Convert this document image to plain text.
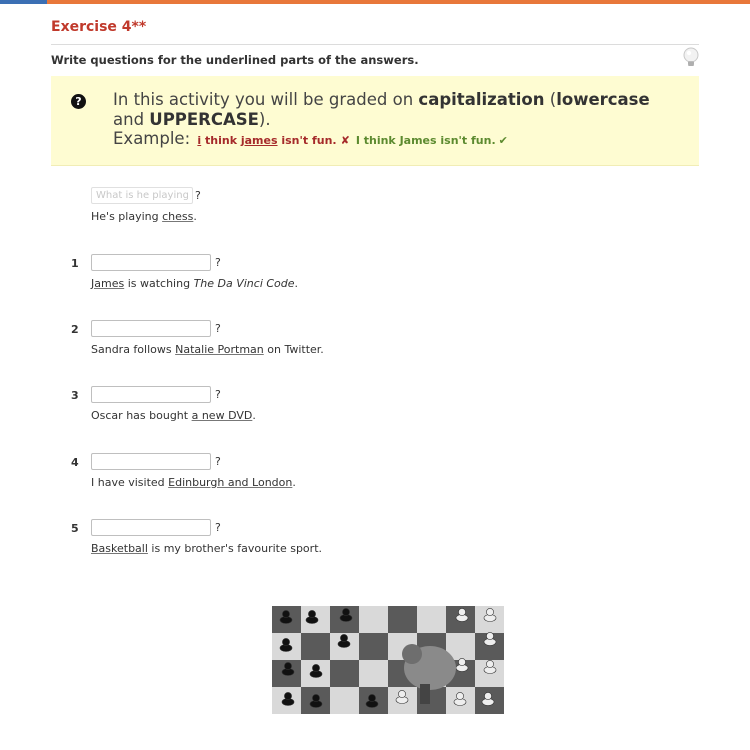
Exercise 4**
Write questions for the underlined parts of the answers.
? In this activity you will be graded on capitalization (lowercase and UPPERCASE).
Example: i think james isn't fun. ✘ I think James isn't fun. ✔
What is he playing
?
He's playing chess.
1	?
James is watching The Da Vinci Code.
2	?
Sandra follows Natalie Portman on Twitter.
3	?
Oscar has bought a new DVD.
4	?
I have visited Edinburgh and London.
5	?
Basketball is my brother's favourite sport.
